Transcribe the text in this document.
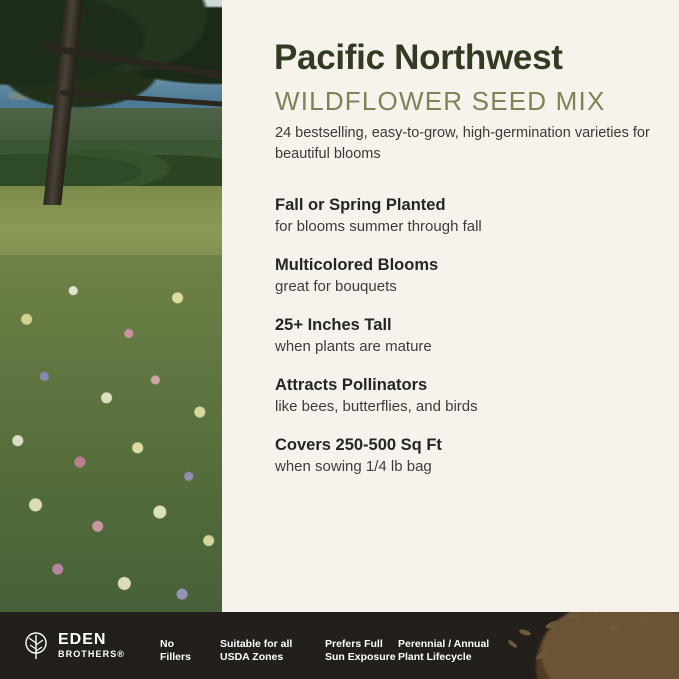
Pacific Northwest
WILDFLOWER SEED MIX
24 bestselling, easy-to-grow, high-germination varieties for beautiful blooms
Fall or Spring Planted
for blooms summer through fall
Multicolored Blooms
great for bouquets
25+ Inches Tall
when plants are mature
Attracts Pollinators
like bees, butterflies, and birds
Covers 250-500 Sq Ft
when sowing 1/4 lb bag
EDEN
BROTHERS®
No
Fillers
Suitable for all
USDA Zones
Prefers Full
Sun Exposure
Perennial / Annual
Plant Lifecycle
